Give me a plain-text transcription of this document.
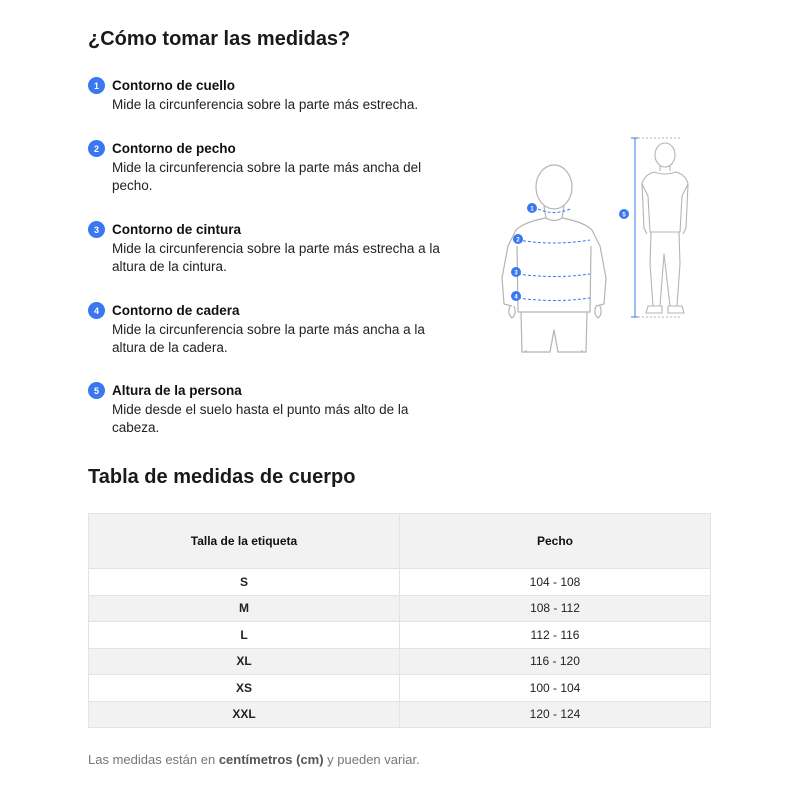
¿Cómo tomar las medidas?
1 Contorno de cuello
Mide la circunferencia sobre la parte más estrecha.
2 Contorno de pecho
Mide la circunferencia sobre la parte más ancha del pecho.
3 Contorno de cintura
Mide la circunferencia sobre la parte más estrecha a la altura de la cintura.
4 Contorno de cadera
Mide la circunferencia sobre la parte más ancha a la altura de la cadera.
5 Altura de la persona
Mide desde el suelo hasta el punto más alto de la cabeza.
1
2
3
4
5
Tabla de medidas de cuerpo
Talla de la etiqueta	Pecho
S	104 - 108
M	108 - 112
L	112 - 116
XL	116 - 120
XS	100 - 104
XXL	120 - 124

Las medidas están en centímetros (cm) y pueden variar.
